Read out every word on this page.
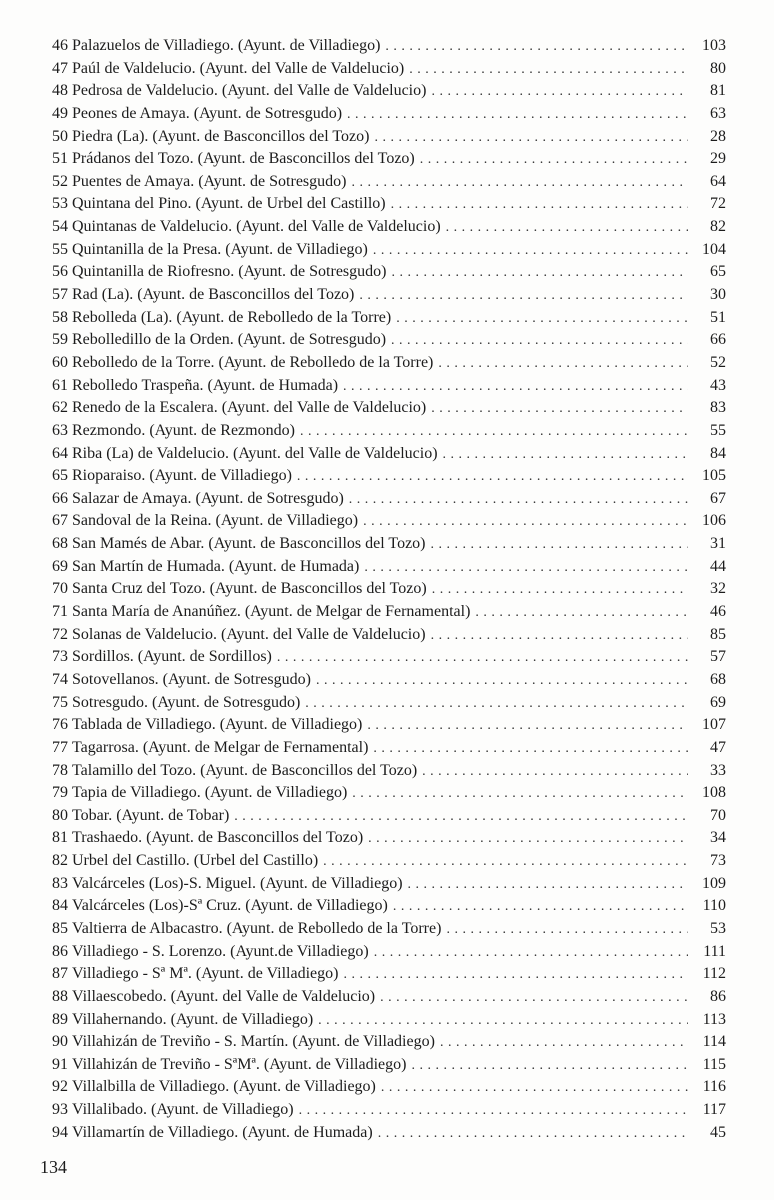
46 Palazuelos de Villadiego. (Ayunt. de Villadiego) . . .	103
47 Paúl de Valdelucio. (Ayunt. del Valle de Valdelucio) . . .	80
48 Pedrosa de Valdelucio. (Ayunt. del Valle de Valdelucio) . . .	81
49 Peones de Amaya. (Ayunt. de Sotresgudo) . . .	63
50 Piedra (La). (Ayunt. de Basconcillos del Tozo) . . .	28
51 Prádanos del Tozo. (Ayunt. de Basconcillos del Tozo) . . .	29
52 Puentes de Amaya. (Ayunt. de Sotresgudo) . . .	64
53 Quintana del Pino. (Ayunt. de Urbel del Castillo) . . .	72
54 Quintanas de Valdelucio. (Ayunt. del Valle de Valdelucio) . . .	82
55 Quintanilla de la Presa. (Ayunt. de Villadiego) . . .	104
56 Quintanilla de Riofresno. (Ayunt. de Sotresgudo) . . .	65
57 Rad (La). (Ayunt. de Basconcillos del Tozo) . . .	30
58 Rebolleda (La). (Ayunt. de Rebolledo de la Torre) . . .	51
59 Rebolledillo de la Orden. (Ayunt. de Sotresgudo) . . .	66
60 Rebolledo de la Torre. (Ayunt. de Rebolledo de la Torre) . . .	52
61 Rebolledo Traspeña. (Ayunt. de Humada) . . .	43
62 Renedo de la Escalera. (Ayunt. del Valle de Valdelucio) . . .	83
63 Rezmondo. (Ayunt. de Rezmondo) . . .	55
64 Riba (La) de Valdelucio. (Ayunt. del Valle de Valdelucio) . . .	84
65 Rioparaiso. (Ayunt. de Villadiego) . . .	105
66 Salazar de Amaya. (Ayunt. de Sotresgudo) . . .	67
67 Sandoval de la Reina. (Ayunt. de Villadiego) . . .	106
68 San Mamés de Abar. (Ayunt. de Basconcillos del Tozo) . . .	31
69 San Martín de Humada. (Ayunt. de Humada) . . .	44
70 Santa Cruz del Tozo. (Ayunt. de Basconcillos del Tozo) . . .	32
71 Santa María de Ananúñez. (Ayunt. de Melgar de Fernamental) . . .	46
72 Solanas de Valdelucio. (Ayunt. del Valle de Valdelucio) . . .	85
73 Sordillos. (Ayunt. de Sordillos) . . .	57
74 Sotovellanos. (Ayunt. de Sotresgudo) . . .	68
75 Sotresgudo. (Ayunt. de Sotresgudo) . . .	69
76 Tablada de Villadiego. (Ayunt. de Villadiego) . . .	107
77 Tagarrosa. (Ayunt. de Melgar de Fernamental) . . .	47
78 Talamillo del Tozo. (Ayunt. de Basconcillos del Tozo) . . .	33
79 Tapia de Villadiego. (Ayunt. de Villadiego) . . .	108
80 Tobar. (Ayunt. de Tobar) . . .	70
81 Trashaedo. (Ayunt. de Basconcillos del Tozo) . . .	34
82 Urbel del Castillo. (Urbel del Castillo) . . .	73
83 Valcárceles (Los)-S. Miguel. (Ayunt. de Villadiego) . . .	109
84 Valcárceles (Los)-Sª Cruz. (Ayunt. de Villadiego) . . .	110
85 Valtierra de Albacastro. (Ayunt. de Rebolledo de la Torre) . . .	53
86 Villadiego - S. Lorenzo. (Ayunt.de Villadiego) . . .	111
87 Villadiego - Sª Mª. (Ayunt. de Villadiego) . . .	112
88 Villaescobedo. (Ayunt. del Valle de Valdelucio) . . .	86
89 Villahernando. (Ayunt. de Villadiego) . . .	113
90 Villahizán de Treviño - S. Martín. (Ayunt. de Villadiego) . . .	114
91 Villahizán de Treviño - SªMª. (Ayunt. de Villadiego) . . .	115
92 Villalbilla de Villadiego. (Ayunt. de Villadiego) . . .	116
93 Villalibado. (Ayunt. de Villadiego) . . .	117
94 Villamartín de Villadiego. (Ayunt. de Humada) . . .	45
134
